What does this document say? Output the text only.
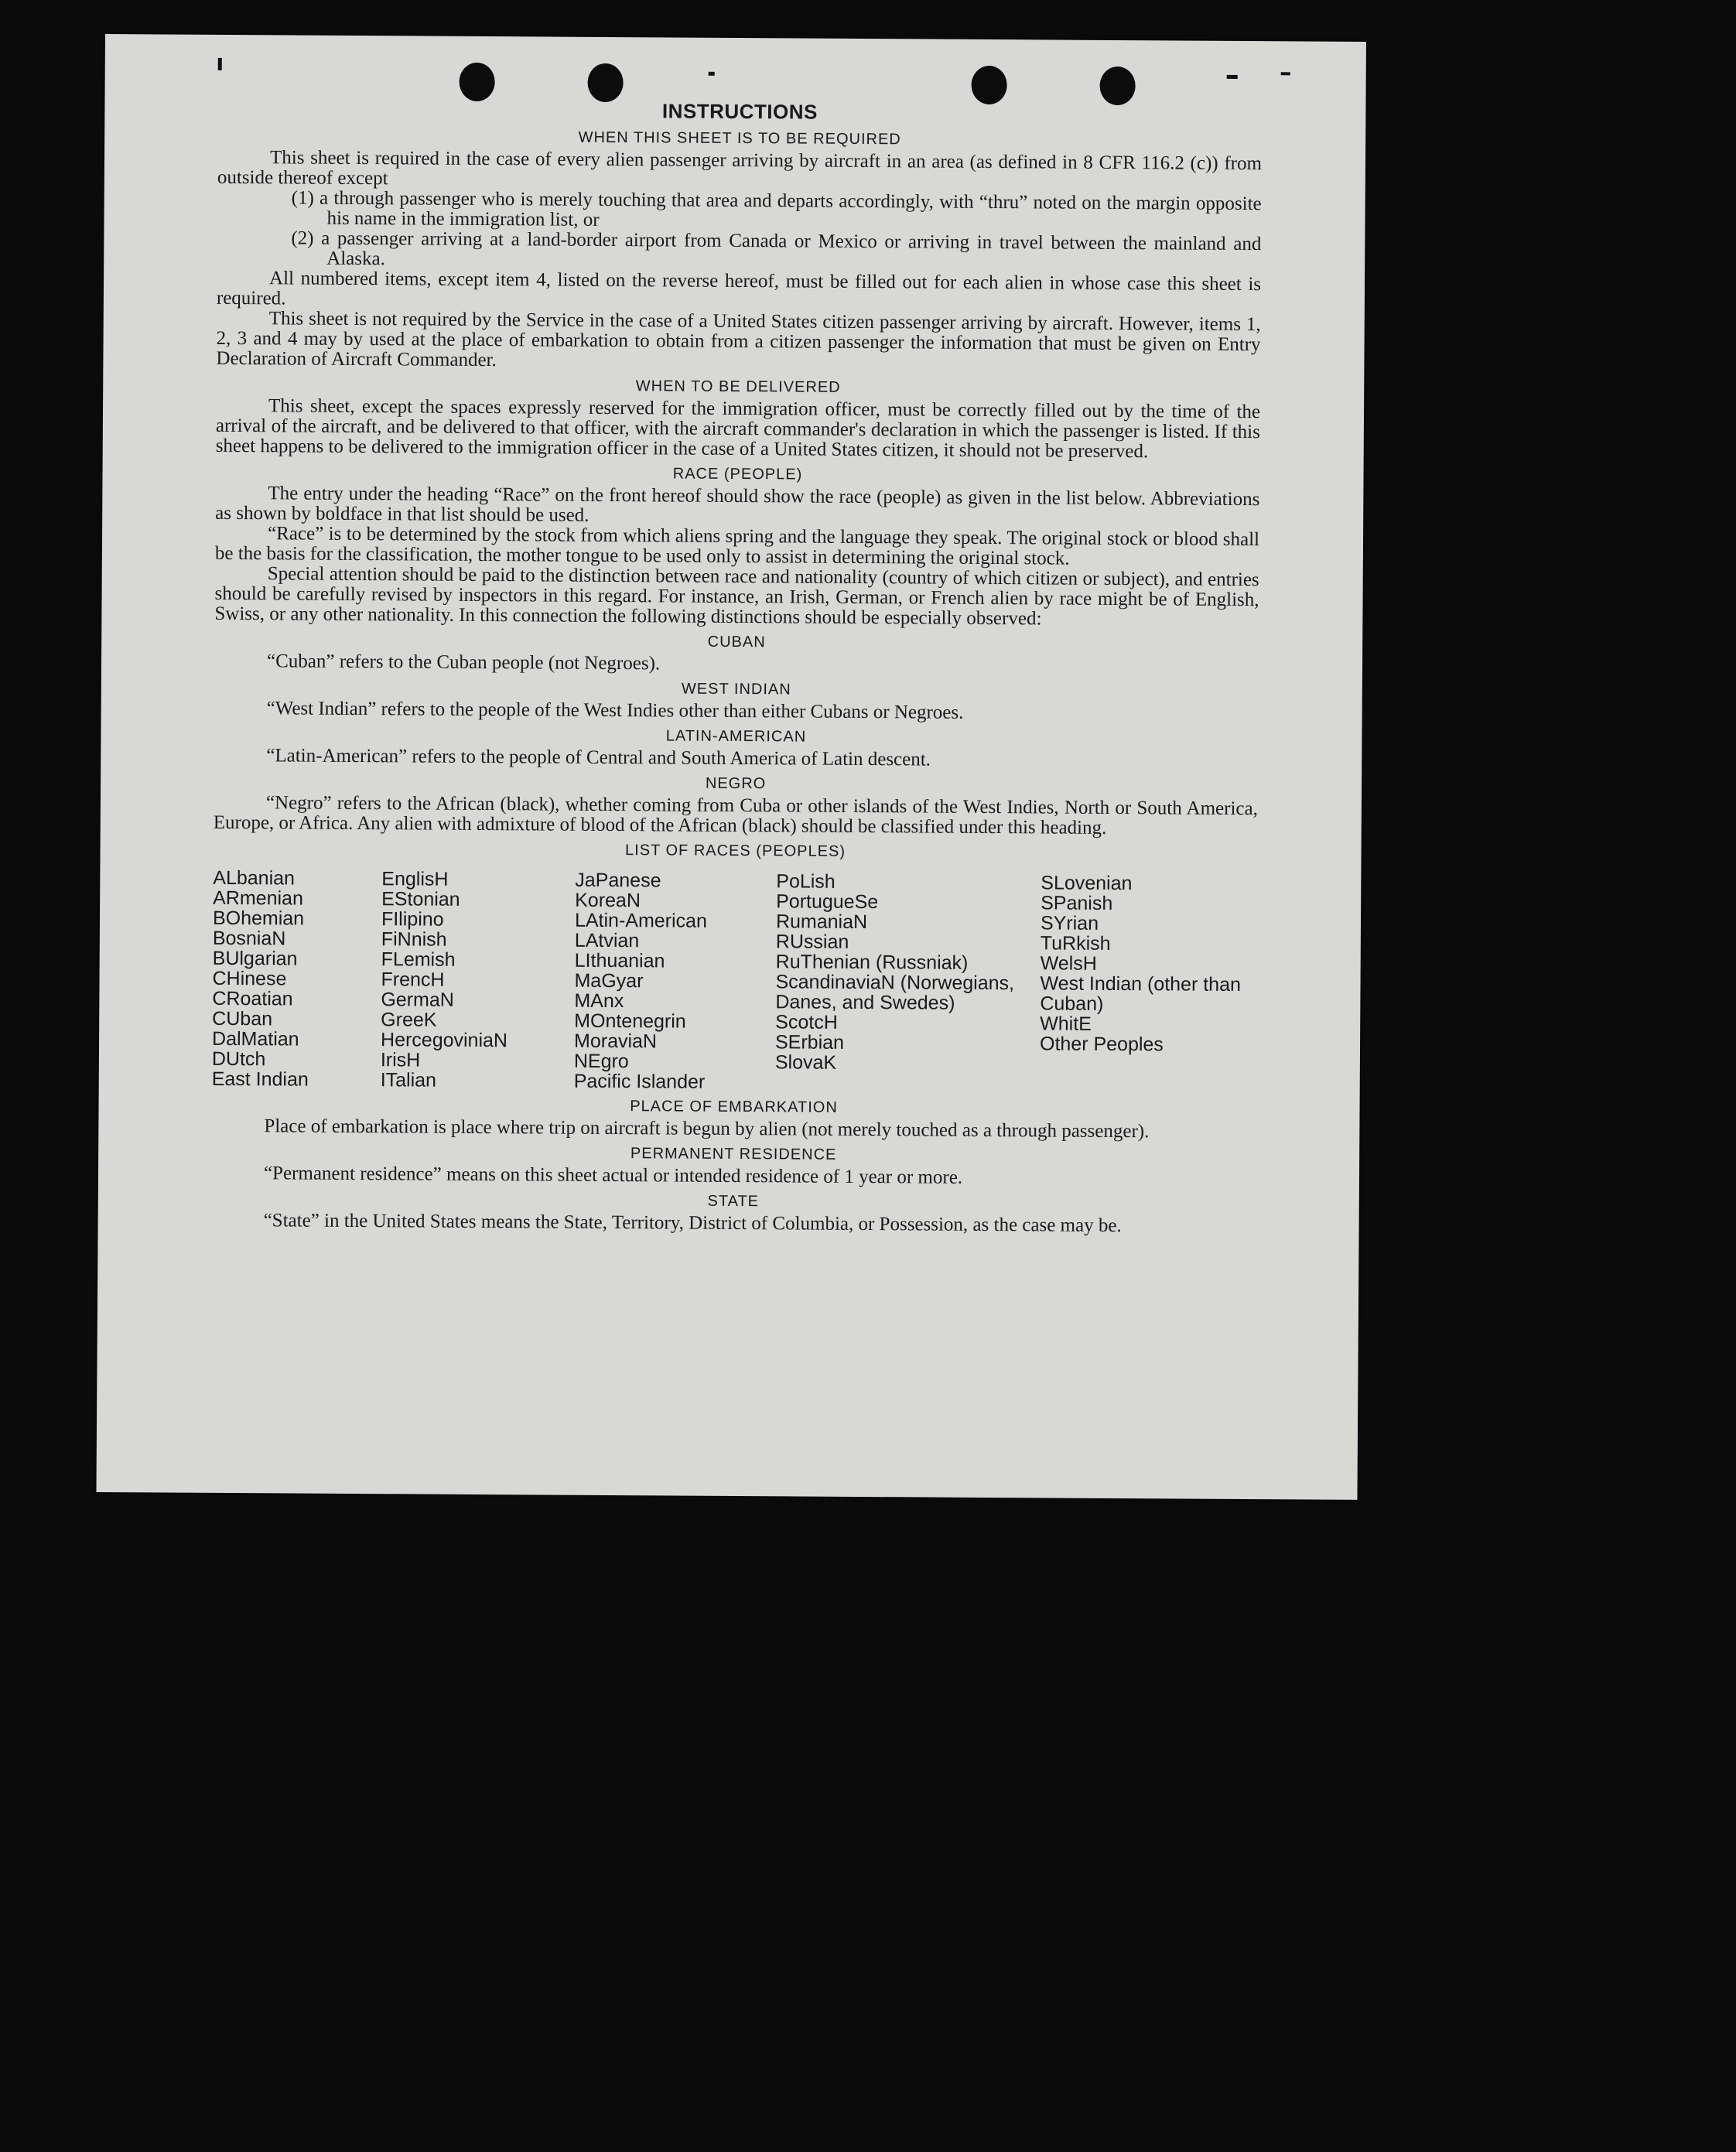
INSTRUCTIONS
WHEN THIS SHEET IS TO BE REQUIRED

This sheet is required in the case of every alien passenger arriving by aircraft in an area (as defined in 8 CFR 116.2 (c)) from outside thereof except

(1) a through passenger who is merely touching that area and departs accordingly, with “thru” noted on the margin opposite his name in the immigration list, or

(2) a passenger arriving at a land-border airport from Canada or Mexico or arriving in travel between the mainland and Alaska.

All numbered items, except item 4, listed on the reverse hereof, must be filled out for each alien in whose case this sheet is required.

This sheet is not required by the Service in the case of a United States citizen passenger arriving by aircraft. However, items 1, 2, 3 and 4 may by used at the place of embarkation to obtain from a citizen passenger the information that must be given on Entry Declaration of Aircraft Commander.

WHEN TO BE DELIVERED

This sheet, except the spaces expressly reserved for the immigration officer, must be correctly filled out by the time of the arrival of the aircraft, and be delivered to that officer, with the aircraft commander's declaration in which the passenger is listed. If this sheet happens to be delivered to the immigration officer in the case of a United States citizen, it should not be preserved.

RACE (PEOPLE)

The entry under the heading “Race” on the front hereof should show the race (people) as given in the list below. Abbreviations as shown by boldface in that list should be used.

“Race” is to be determined by the stock from which aliens spring and the language they speak. The original stock or blood shall be the basis for the classification, the mother tongue to be used only to assist in determining the original stock.

Special attention should be paid to the distinction between race and nationality (country of which citizen or subject), and entries should be carefully revised by inspectors in this regard. For instance, an Irish, German, or French alien by race might be of English, Swiss, or any other nationality. In this connection the following distinctions should be especially observed:

CUBAN

“Cuban” refers to the Cuban people (not Negroes).

WEST INDIAN

“West Indian” refers to the people of the West Indies other than either Cubans or Negroes.

LATIN-AMERICAN

“Latin-American” refers to the people of Central and South America of Latin descent.

NEGRO

“Negro” refers to the African (black), whether coming from Cuba or other islands of the West Indies, North or South America, Europe, or Africa. Any alien with admixture of blood of the African (black) should be classified under this heading.

LIST OF RACES (PEOPLES)
ALbanian
ARmenian
BOhemian
BosniaN
BUlgarian
CHinese
CRoatian
CUban
DalMatian
DUtch
East Indian
EnglisH
EStonian
FIlipino
FiNnish
FLemish
FrencH
GermaN
GreeK
HercegoviniaN
IrisH
ITalian
JaPanese
KoreaN
LAtin-American
LAtvian
LIthuanian
MaGyar
MAnx
MOntenegrin
MoraviaN
NEgro
Pacific Islander
PoLish
PortugueSe
RumaniaN
RUssian
RuThenian (Russniak)
ScandinaviaN (Norwegians, Danes, and Swedes)
ScotcH
SErbian
SlovaK
SLovenian
SPanish
SYrian
TuRkish
WelsH
West Indian (other than Cuban)
WhitE
Other Peoples
PLACE OF EMBARKATION

Place of embarkation is place where trip on aircraft is begun by alien (not merely touched as a through passenger).

PERMANENT RESIDENCE

“Permanent residence” means on this sheet actual or intended residence of 1 year or more.

STATE

“State” in the United States means the State, Territory, District of Columbia, or Possession, as the case may be.
